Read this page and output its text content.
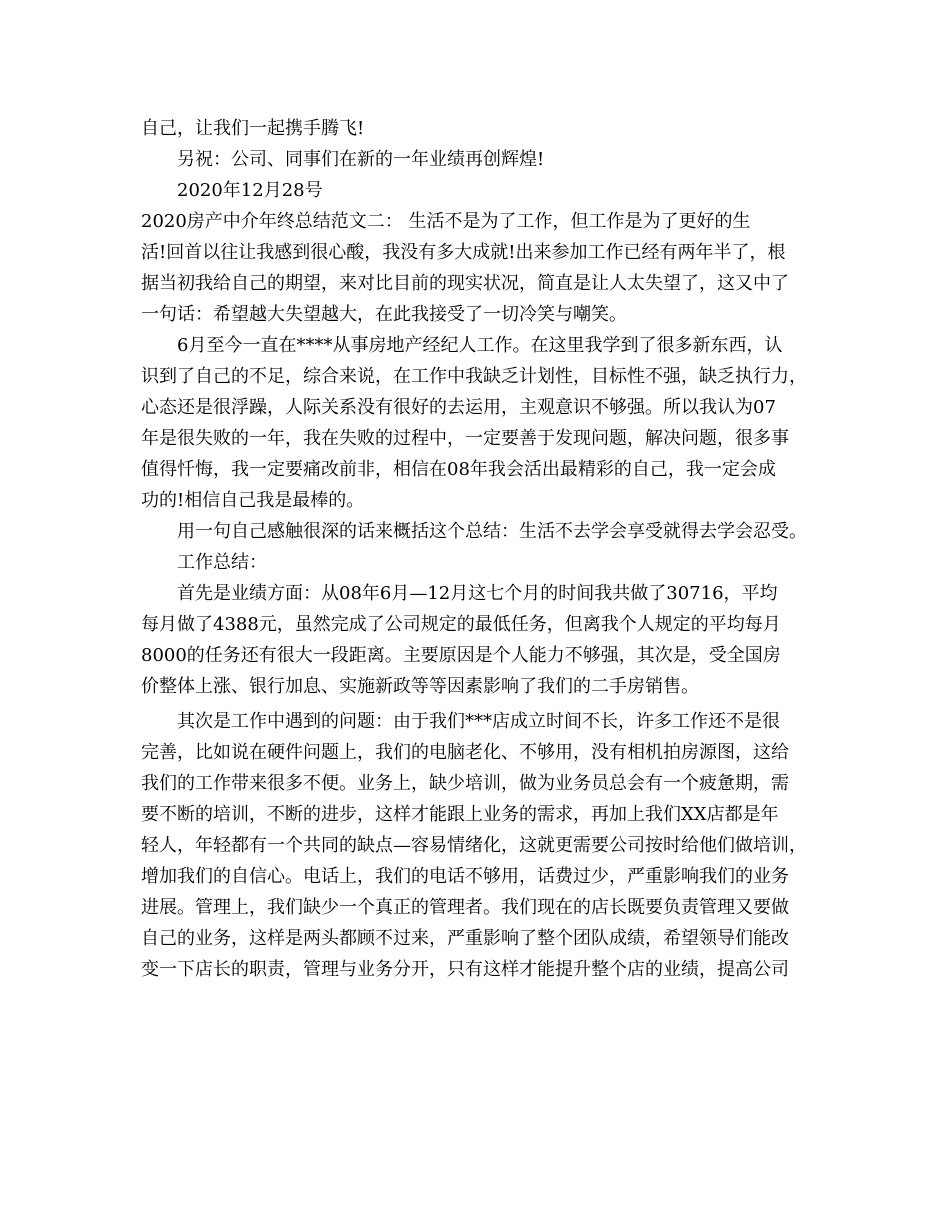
自己，让我们一起携手腾飞!
另祝：公司、同事们在新的一年业绩再创辉煌!
2020年12月28号
2020房产中介年终总结范文二： 生活不是为了工作，但工作是为了更好的生
活!回首以往让我感到很心酸，我没有多大成就!出来参加工作已经有两年半了，根
据当初我给自己的期望，来对比目前的现实状况，简直是让人太失望了，这又中了
一句话：希望越大失望越大，在此我接受了一切冷笑与嘲笑。
6月至今一直在****从事房地产经纪人工作。在这里我学到了很多新东西，认
识到了自己的不足，综合来说，在工作中我缺乏计划性，目标性不强，缺乏执行力，
心态还是很浮躁，人际关系没有很好的去运用，主观意识不够强。所以我认为07
年是很失败的一年，我在失败的过程中，一定要善于发现问题，解决问题，很多事
值得忏悔，我一定要痛改前非，相信在08年我会活出最精彩的自己，我一定会成
功的!相信自己我是最棒的。
用一句自己感触很深的话来概括这个总结：生活不去学会享受就得去学会忍受。
工作总结：
首先是业绩方面：从08年6月—12月这七个月的时间我共做了30716，平均
每月做了4388元，虽然完成了公司规定的最低任务，但离我个人规定的平均每月
8000的任务还有很大一段距离。主要原因是个人能力不够强，其次是，受全国房
价整体上涨、银行加息、实施新政等等因素影响了我们的二手房销售。
其次是工作中遇到的问题：由于我们***店成立时间不长，许多工作还不是很
完善，比如说在硬件问题上，我们的电脑老化、不够用，没有相机拍房源图，这给
我们的工作带来很多不便。业务上，缺少培训，做为业务员总会有一个疲惫期，需
要不断的培训，不断的进步，这样才能跟上业务的需求，再加上我们XX店都是年
轻人，年轻都有一个共同的缺点—容易情绪化，这就更需要公司按时给他们做培训，
增加我们的自信心。电话上，我们的电话不够用，话费过少，严重影响我们的业务
进展。管理上，我们缺少一个真正的管理者。我们现在的店长既要负责管理又要做
自己的业务，这样是两头都顾不过来，严重影响了整个团队成绩，希望领导们能改
变一下店长的职责，管理与业务分开，只有这样才能提升整个店的业绩，提高公司
